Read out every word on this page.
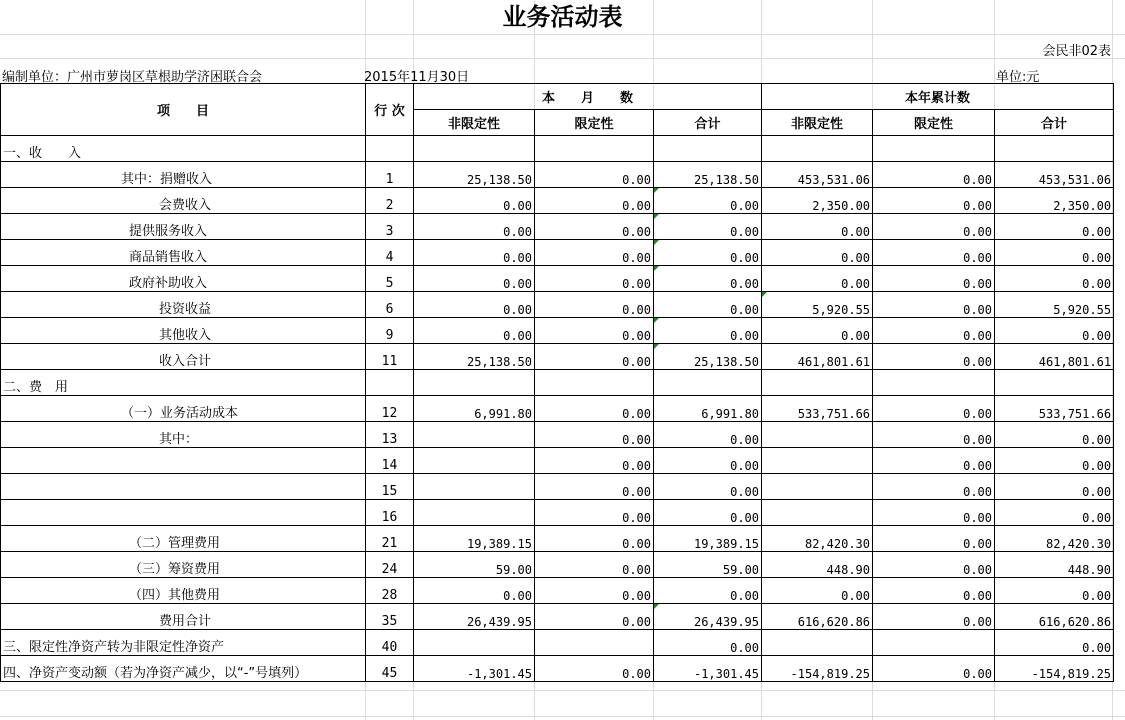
业务活动表
会民非02表
编制单位：广州市萝岗区草根助学济困联合会	2015年11月30日	单位:元
项　　目	行 次	本　　月　　数			本年累计数		
		非限定性	限定性	合计	非限定性	限定性	合计
一、收　　入							
其中：捐赠收入	1	25,138.50	0.00	25,138.50	453,531.06	0.00	453,531.06
会费收入	2	0.00	0.00	0.00	2,350.00	0.00	2,350.00
提供服务收入	3	0.00	0.00	0.00	0.00	0.00	0.00
商品销售收入	4	0.00	0.00	0.00	0.00	0.00	0.00
政府补助收入	5	0.00	0.00	0.00	0.00	0.00	0.00
投资收益	6	0.00	0.00	0.00	5,920.55	0.00	5,920.55
其他收入	9	0.00	0.00	0.00	0.00	0.00	0.00
收入合计	11	25,138.50	0.00	25,138.50	461,801.61	0.00	461,801.61
二、费　用							
（一）业务活动成本	12	6,991.80	0.00	6,991.80	533,751.66	0.00	533,751.66
其中：	13		0.00	0.00		0.00	0.00
	14		0.00	0.00		0.00	0.00
	15		0.00	0.00		0.00	0.00
	16		0.00	0.00		0.00	0.00
（二）管理费用	21	19,389.15	0.00	19,389.15	82,420.30	0.00	82,420.30
（三）筹资费用	24	59.00	0.00	59.00	448.90	0.00	448.90
（四）其他费用	28	0.00	0.00	0.00	0.00	0.00	0.00
费用合计	35	26,439.95	0.00	26,439.95	616,620.86	0.00	616,620.86
三、限定性净资产转为非限定性净资产	40			0.00			0.00
四、净资产变动额（若为净资产减少，以“-”号填列）	45	-1,301.45	0.00	-1,301.45	-154,819.25	0.00	-154,819.25
